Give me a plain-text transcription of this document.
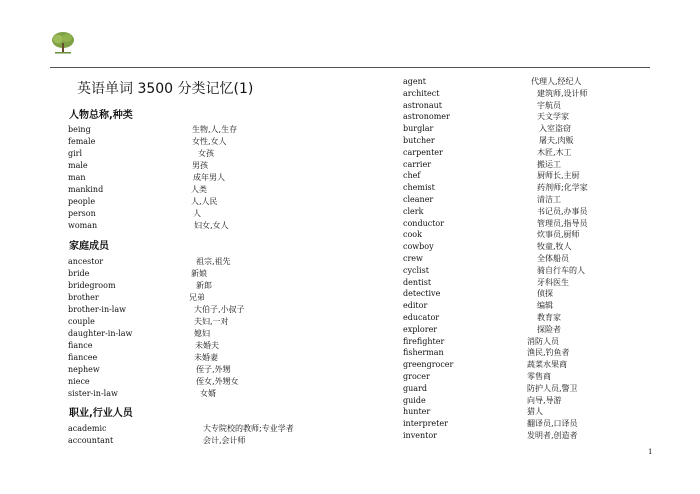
英语单词 3500 分类记忆(1)
人物总称,种类
家庭成员
职业,行业人员
being	生物,人,生存
female	女性,女人
girl	女孩
male	男孩
man	成年男人
mankind	人类
people	人,人民
person	人
woman	妇女,女人
ancestor	祖宗,祖先
bride	新娘
bridegroom	新郎
brother	兄弟
brother-in-law	大伯子,小叔子
couple	夫妇,一对
daughter-in-law	媳妇
fiance	未婚夫
fiancee	未婚妻
nephew	侄子,外甥
niece	侄女,外甥女
sister-in-law	女婿
academic	大专院校的教师;专业学者
accountant	会计,会计师
agent	代理人,经纪人
architect	建筑师,设计师
astronaut	宇航员
astronomer	天文学家
burglar	入室盗窃
butcher	屠夫,肉贩
carpenter	木匠,木工
carrier	搬运工
chef	厨师长,主厨
chemist	药剂师;化学家
cleaner	清洁工
clerk	书记员,办事员
conductor	管理员,指导员
cook	炊事员,厨师
cowboy	牧童,牧人
crew	全体船员
cyclist	骑自行车的人
dentist	牙科医生
detective	侦探
editor	编辑
educator	教育家
explorer	探险者
firefighter	消防人员
fisherman	渔民,钓鱼者
greengrocer	蔬菜水果商
grocer	零售商
guard	防护人员,警卫
guide	向导,导游
hunter	猎人
interpreter	翻译员,口译员
inventor	发明者,创造者
1
